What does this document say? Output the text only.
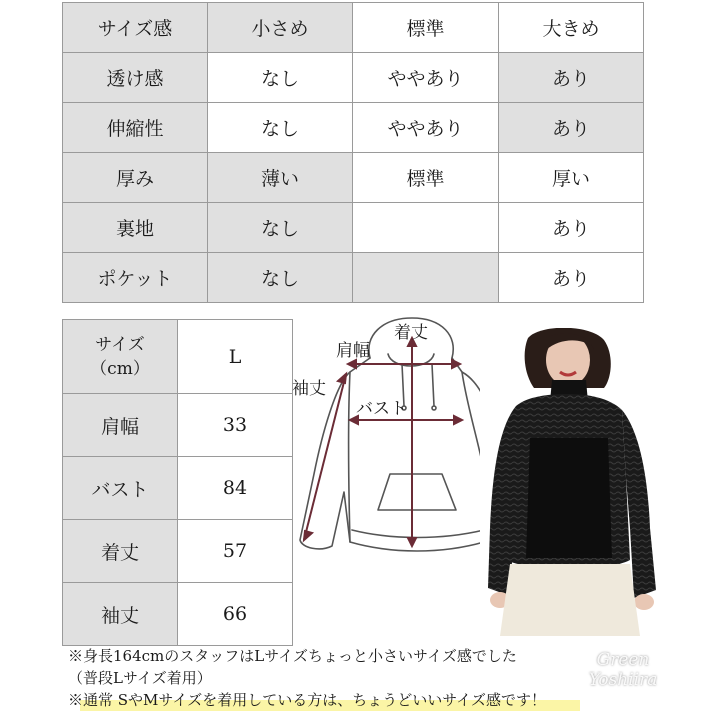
サイズ感	小さめ	標準	大きめ
透け感	なし	ややあり	あり
伸縮性	なし	ややあり	あり
厚み	薄い	標準	厚い
裏地	なし		あり
ポケット	なし		あり
サイズ
（cm）	L
肩幅	33
バスト	84
着丈	57
袖丈	66
着丈
肩幅
袖丈
バスト
※身長164cmのスタッフはLサイズちょっと小さいサイズ感でした
（普段Lサイズ着用）
※通常 SやMサイズを着用している方は、ちょうどいいサイズ感です！
Green
Yoshiira
